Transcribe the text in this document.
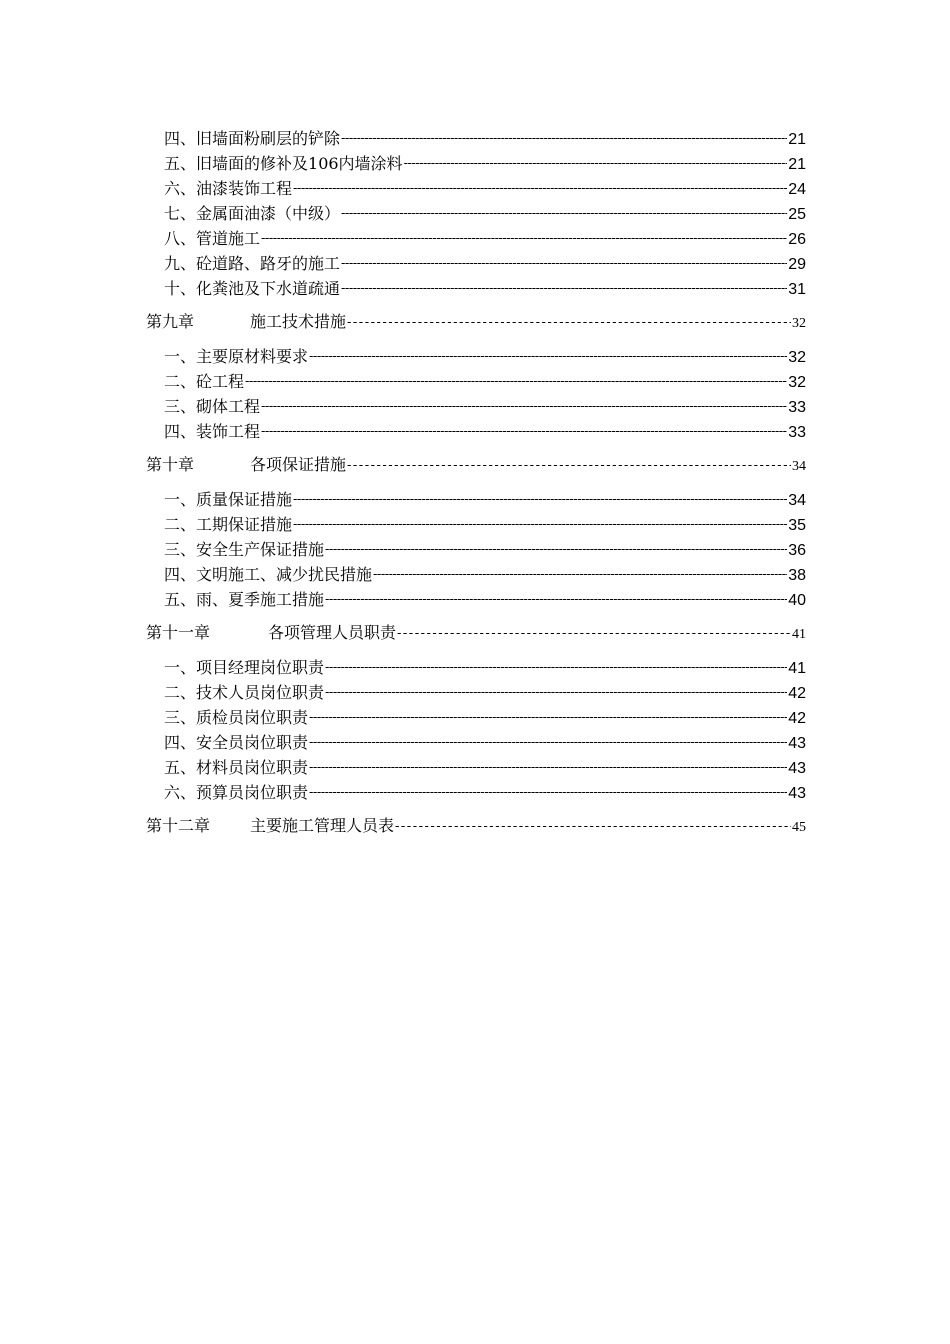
四、 旧墙面粉刷层的铲除 -----	21
五、 旧墙面的修补及106内墙涂料 -----	21
六、 油漆装饰工程 -----	24
七、 金属面油漆（中级） -----	25
八、 管道施工 -----	26
九、 砼道路、路牙的施工 -----	29
十、 化粪池及下水道疏通 -----	31
第九章	施工技术措施 -----	32
一、 主要原材料要求 -----	32
二、 砼工程 -----	32
三、 砌体工程 -----	33
四、 装饰工程 -----	33
第十章	各项保证措施 -----	34
一、 质量保证措施 -----	34
二、 工期保证措施 -----	35
三、 安全生产保证措施 -----	36
四、 文明施工、减少扰民措施 -----	38
五、 雨、夏季施工措施 -----	40
第十一章	各项管理人员职责 -----	41
一、 项目经理岗位职责 -----	41
二、 技术人员岗位职责 -----	42
三、 质检员岗位职责 -----	42
四、 安全员岗位职责 -----	43
五、 材料员岗位职责 -----	43
六、 预算员岗位职责 -----	43
第十二章	主要施工管理人员表 -----	45
